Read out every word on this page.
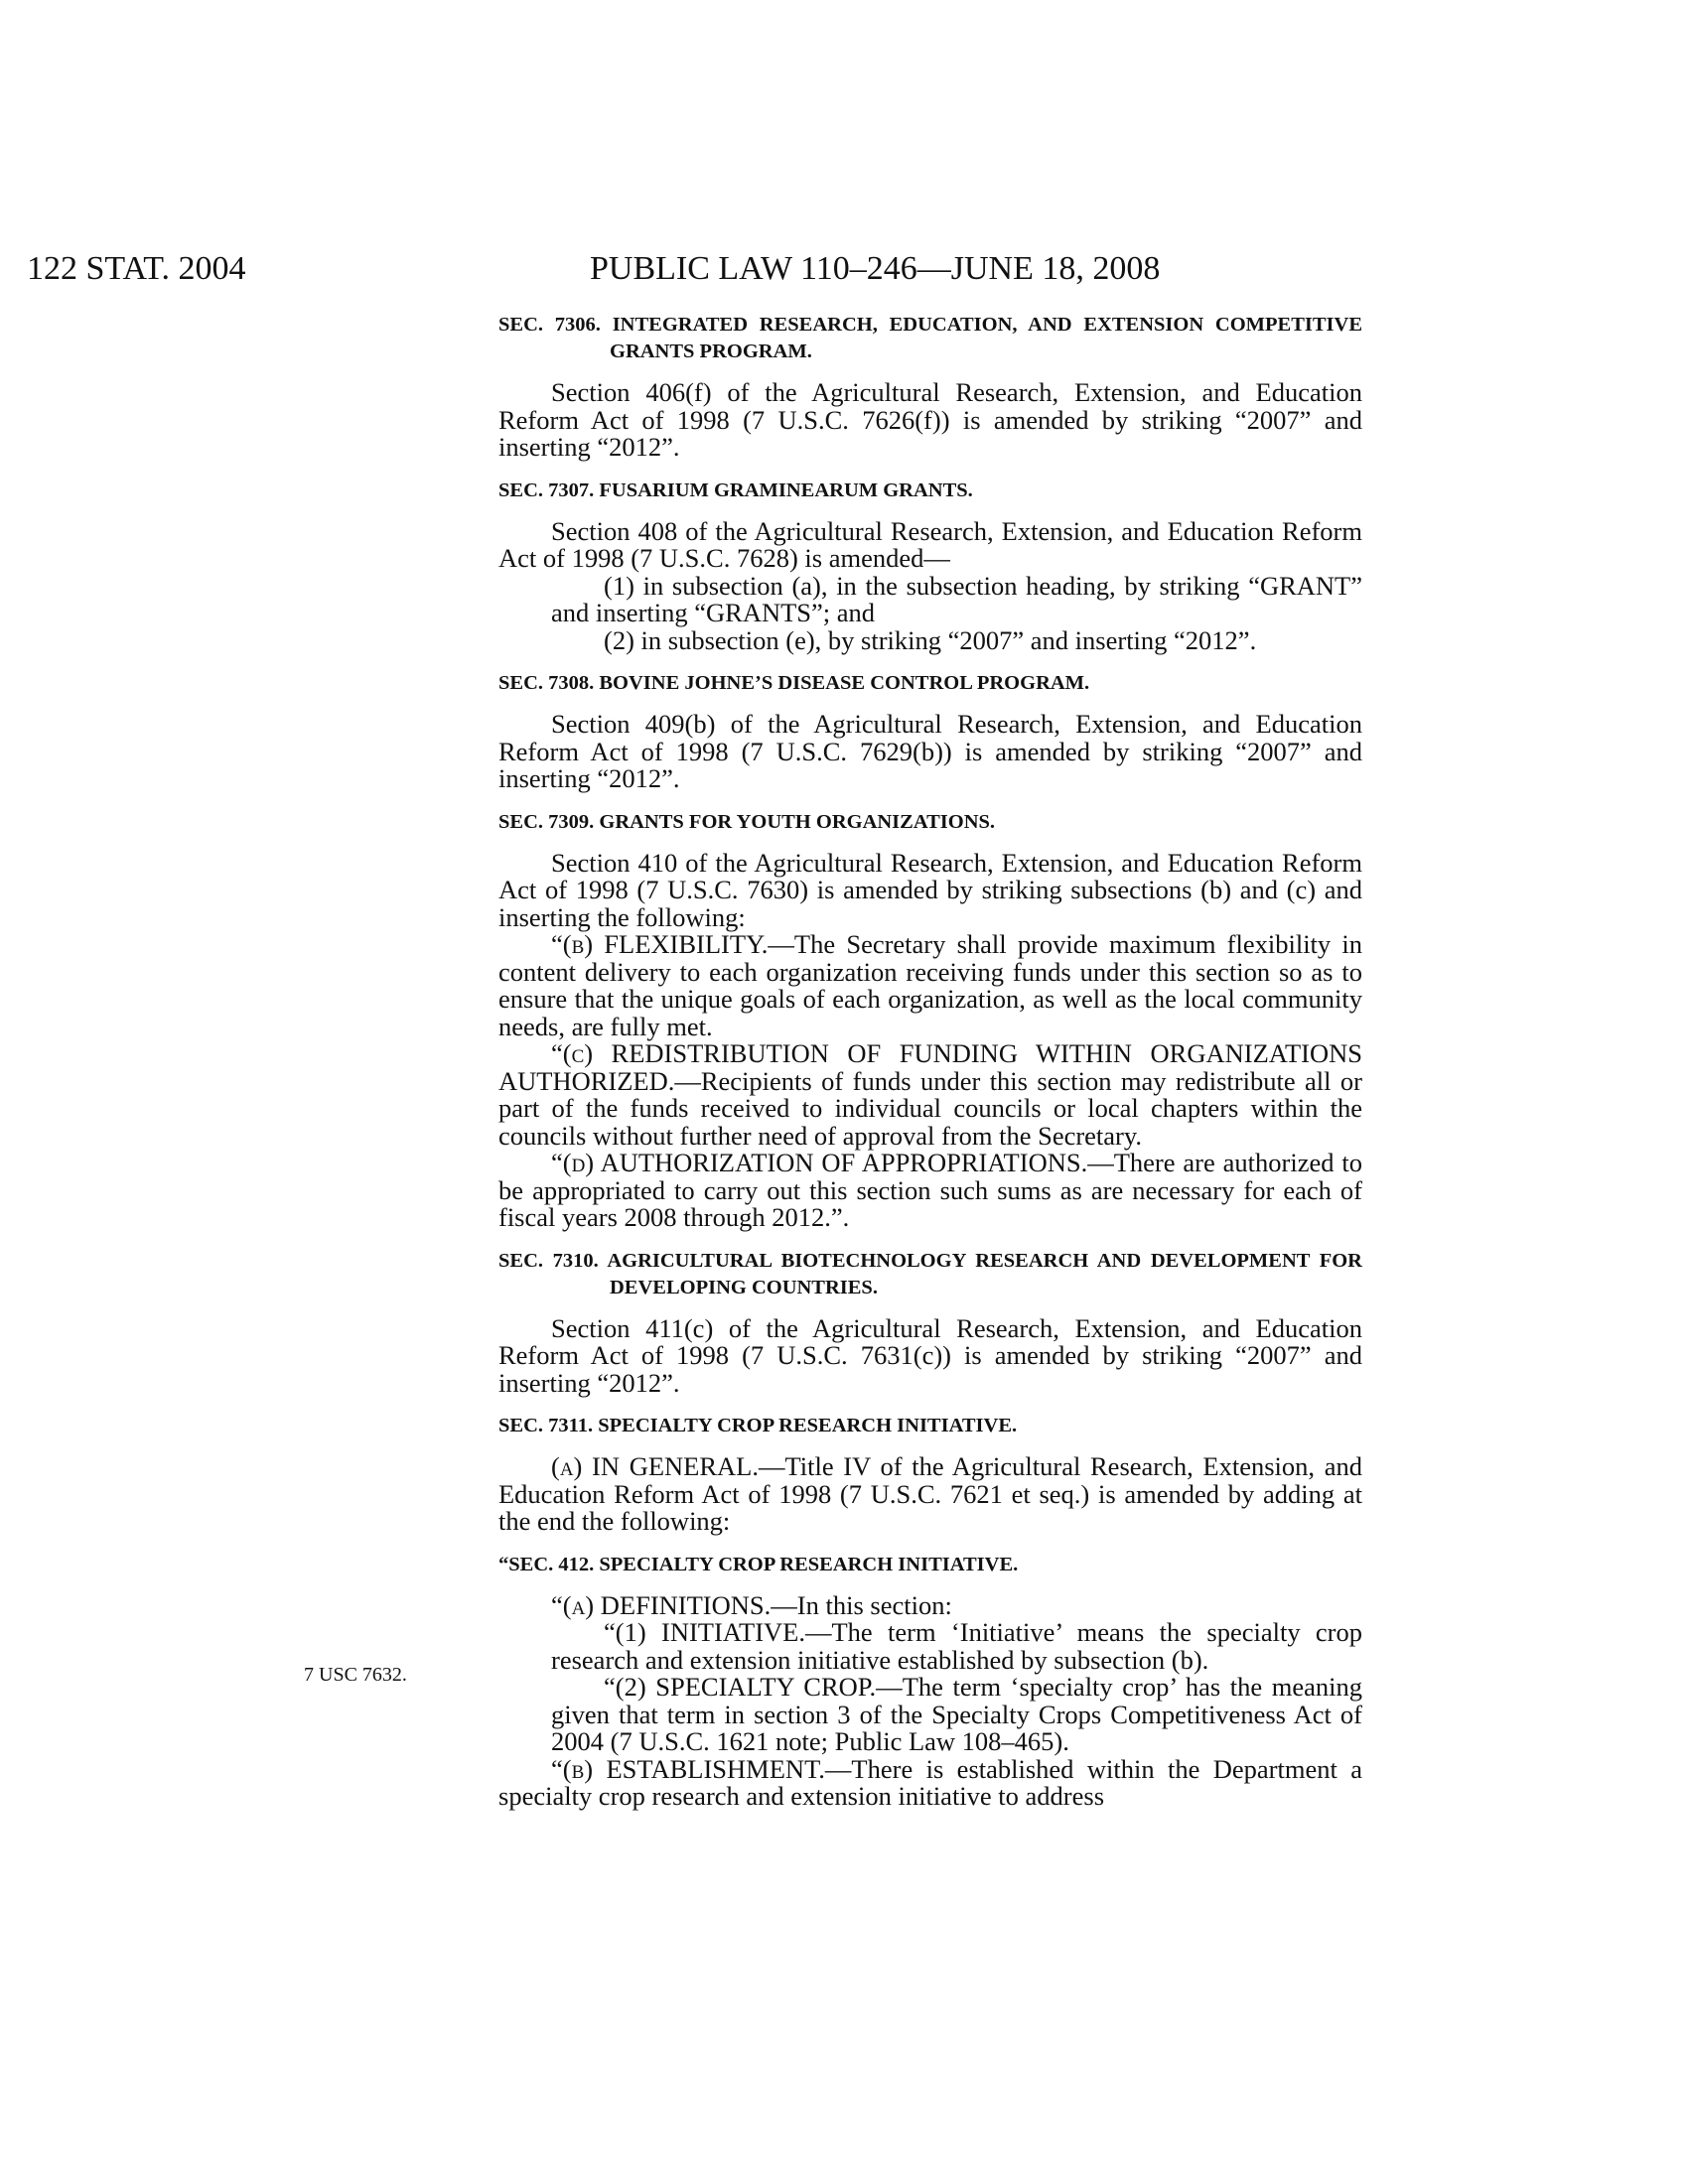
122 STAT. 2004	PUBLIC LAW 110–246—JUNE 18, 2008
7 USC 7632.
SEC. 7306. INTEGRATED RESEARCH, EDUCATION, AND EXTENSION COMPETITIVE GRANTS PROGRAM.

Section 406(f) of the Agricultural Research, Extension, and Education Reform Act of 1998 (7 U.S.C. 7626(f)) is amended by striking “2007” and inserting “2012”.

SEC. 7307. FUSARIUM GRAMINEARUM GRANTS.

Section 408 of the Agricultural Research, Extension, and Education Reform Act of 1998 (7 U.S.C. 7628) is amended—

(1) in subsection (a), in the subsection heading, by striking “GRANT” and inserting “GRANTS”; and

(2) in subsection (e), by striking “2007” and inserting “2012”.

SEC. 7308. BOVINE JOHNE’S DISEASE CONTROL PROGRAM.

Section 409(b) of the Agricultural Research, Extension, and Education Reform Act of 1998 (7 U.S.C. 7629(b)) is amended by striking “2007” and inserting “2012”.

SEC. 7309. GRANTS FOR YOUTH ORGANIZATIONS.

Section 410 of the Agricultural Research, Extension, and Education Reform Act of 1998 (7 U.S.C. 7630) is amended by striking subsections (b) and (c) and inserting the following:

“(b) FLEXIBILITY.—The Secretary shall provide maximum flexibility in content delivery to each organization receiving funds under this section so as to ensure that the unique goals of each organization, as well as the local community needs, are fully met.

“(c) REDISTRIBUTION OF FUNDING WITHIN ORGANIZATIONS AUTHORIZED.—Recipients of funds under this section may redistribute all or part of the funds received to individual councils or local chapters within the councils without further need of approval from the Secretary.

“(d) AUTHORIZATION OF APPROPRIATIONS.—There are authorized to be appropriated to carry out this section such sums as are necessary for each of fiscal years 2008 through 2012.”.

SEC. 7310. AGRICULTURAL BIOTECHNOLOGY RESEARCH AND DEVELOPMENT FOR DEVELOPING COUNTRIES.

Section 411(c) of the Agricultural Research, Extension, and Education Reform Act of 1998 (7 U.S.C. 7631(c)) is amended by striking “2007” and inserting “2012”.

SEC. 7311. SPECIALTY CROP RESEARCH INITIATIVE.

(a) IN GENERAL.—Title IV of the Agricultural Research, Extension, and Education Reform Act of 1998 (7 U.S.C. 7621 et seq.) is amended by adding at the end the following:

“SEC. 412. SPECIALTY CROP RESEARCH INITIATIVE.

“(a) DEFINITIONS.—In this section:

“(1) INITIATIVE.—The term ‘Initiative’ means the specialty crop research and extension initiative established by subsection (b).

“(2) SPECIALTY CROP.—The term ‘specialty crop’ has the meaning given that term in section 3 of the Specialty Crops Competitiveness Act of 2004 (7 U.S.C. 1621 note; Public Law 108–465).

“(b) ESTABLISHMENT.—There is established within the Department a specialty crop research and extension initiative to address
